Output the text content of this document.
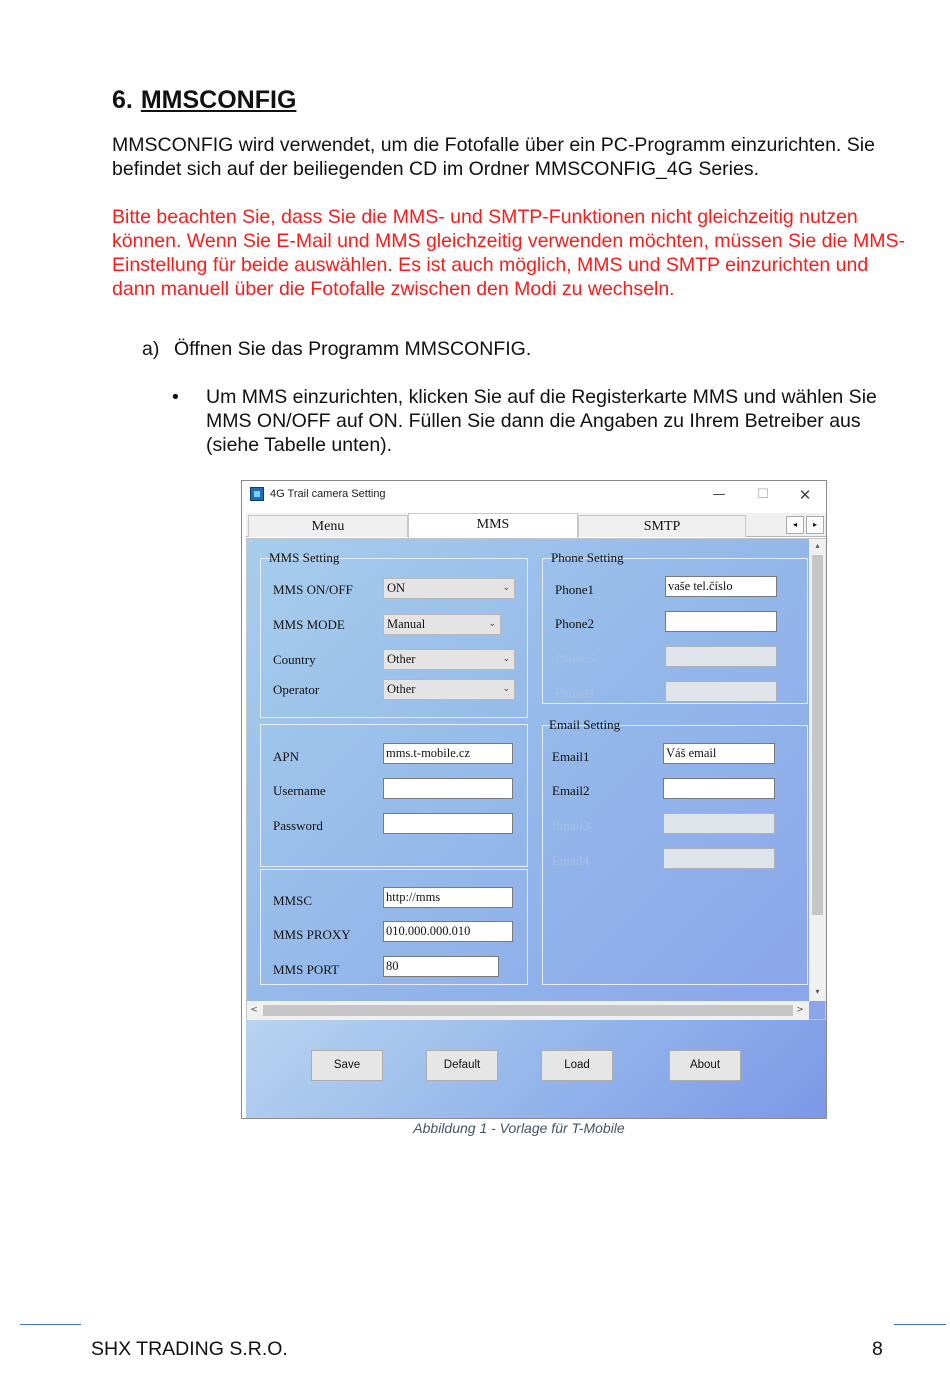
6. MMSCONFIG

MMSCONFIG wird verwendet, um die Fotofalle über ein PC-Programm einzurichten. Sie befindet sich auf der beiliegenden CD im Ordner MMSCONFIG_4G Series.

Bitte beachten Sie, dass Sie die MMS- und SMTP-Funktionen nicht gleichzeitig nutzen können. Wenn Sie E-Mail und MMS gleichzeitig verwenden möchten, müssen Sie die MMS-Einstellung für beide auswählen. Es ist auch möglich, MMS und SMTP einzurichten und dann manuell über die Fotofalle zwischen den Modi zu wechseln.

a) Öffnen Sie das Programm MMSCONFIG.
• Um MMS einzurichten, klicken Sie auf die Registerkarte MMS und wählen Sie MMS ON/OFF auf ON. Füllen Sie dann die Angaben zu Ihrem Betreiber aus (siehe Tabelle unten).
4G Trail camera Setting	—	☐	✕
Menu	MMS	SMTP	◂	▸
MMS Setting
MMS ON/OFF	ON	⌄
MMS MODE	Manual	⌄
Country	Other	⌄
Operator	Other	⌄
APN	mms.t-mobile.cz
Username
Password
MMSC	http://mms
MMS PROXY	010.000.000.010
MMS PORT	80
Phone Setting
Phone1	vaše tel.číslo
Phone2
Phone3
Phone4
Email Setting
Email1	Váš email
Email2
Email3
Email4
▴
▾
<	>
Save	Default	Load	About

Abbildung 1 - Vorlage für T-Mobile

SHX TRADING S.R.O.	8
